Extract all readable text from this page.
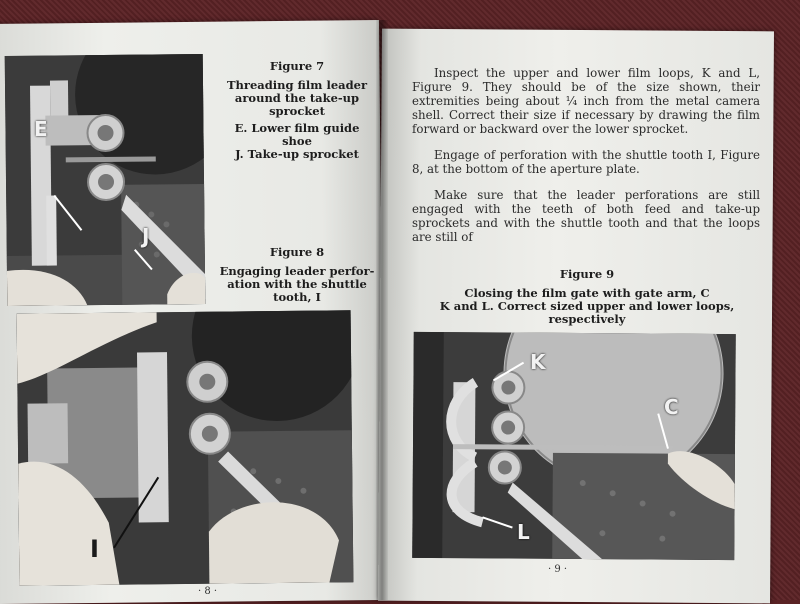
E
J
Figure 7
Threading film leader
around the take-up
sprocket
E. Lower film guide
shoe
J. Take-up sprocket
Figure 8
Engaging leader perfor-
ation with the shuttle
tooth, I
I
· 8 ·

Inspect the upper and lower film loops, K and L, Figure 9. They should be of the size shown, their extremities being about ¼ inch from the metal camera shell. Correct their size if necessary by drawing the film forward or backward over the lower sprocket.

Engage of perforation with the shuttle tooth I, Figure 8, at the bottom of the aperture plate.

Make sure that the leader perforations are still engaged with the teeth of both feed and take-up sprockets and with the shuttle tooth and that the loops are still of

Figure 9
Closing the film gate with gate arm, C
K and L. Correct sized upper and lower loops,
respectively
K
C
L
· 9 ·
